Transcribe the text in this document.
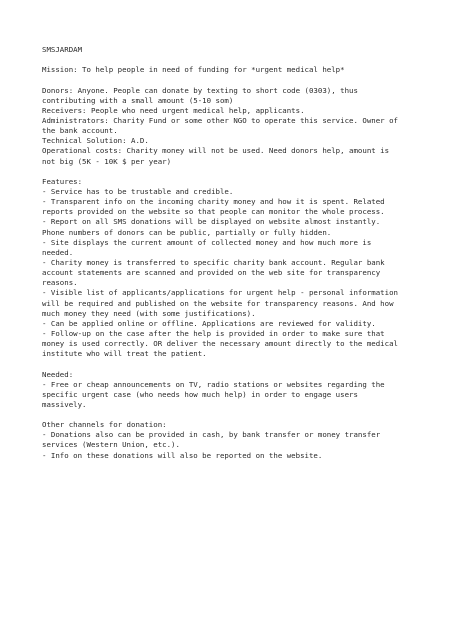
SMSJARDAM
Mission: To help people in need of funding for *urgent medical help*
Donors: Anyone. People can donate by texting to short code (0303), thus
contributing with a small amount (5-10 som)
Receivers: People who need urgent medical help, applicants.
Administrators: Charity Fund or some other NGO to operate this service. Owner of
the bank account.
Technical Solution: A.D.
Operational costs: Charity money will not be used. Need donors help, amount is
not big (5K - 10K $ per year)
Features:
- Service has to be trustable and credible.
- Transparent info on the incoming charity money and how it is spent. Related
reports provided on the website so that people can monitor the whole process.
- Report on all SMS donations will be displayed on website almost instantly.
Phone numbers of donors can be public, partially or fully hidden.
- Site displays the current amount of collected money and how much more is
needed.
- Charity money is transferred to specific charity bank account. Regular bank
account statements are scanned and provided on the web site for transparency
reasons.
- Visible list of applicants/applications for urgent help - personal information
will be required and published on the website for transparency reasons. And how
much money they need (with some justifications).
- Can be applied online or offline. Applications are reviewed for validity.
- Follow-up on the case after the help is provided in order to make sure that
money is used correctly. OR deliver the necessary amount directly to the medical
institute who will treat the patient.
Needed:
- Free or cheap announcements on TV, radio stations or websites regarding the
specific urgent case (who needs how much help) in order to engage users
massively.
Other channels for donation:
- Donations also can be provided in cash, by bank transfer or money transfer
services (Western Union, etc.).
- Info on these donations will also be reported on the website.
